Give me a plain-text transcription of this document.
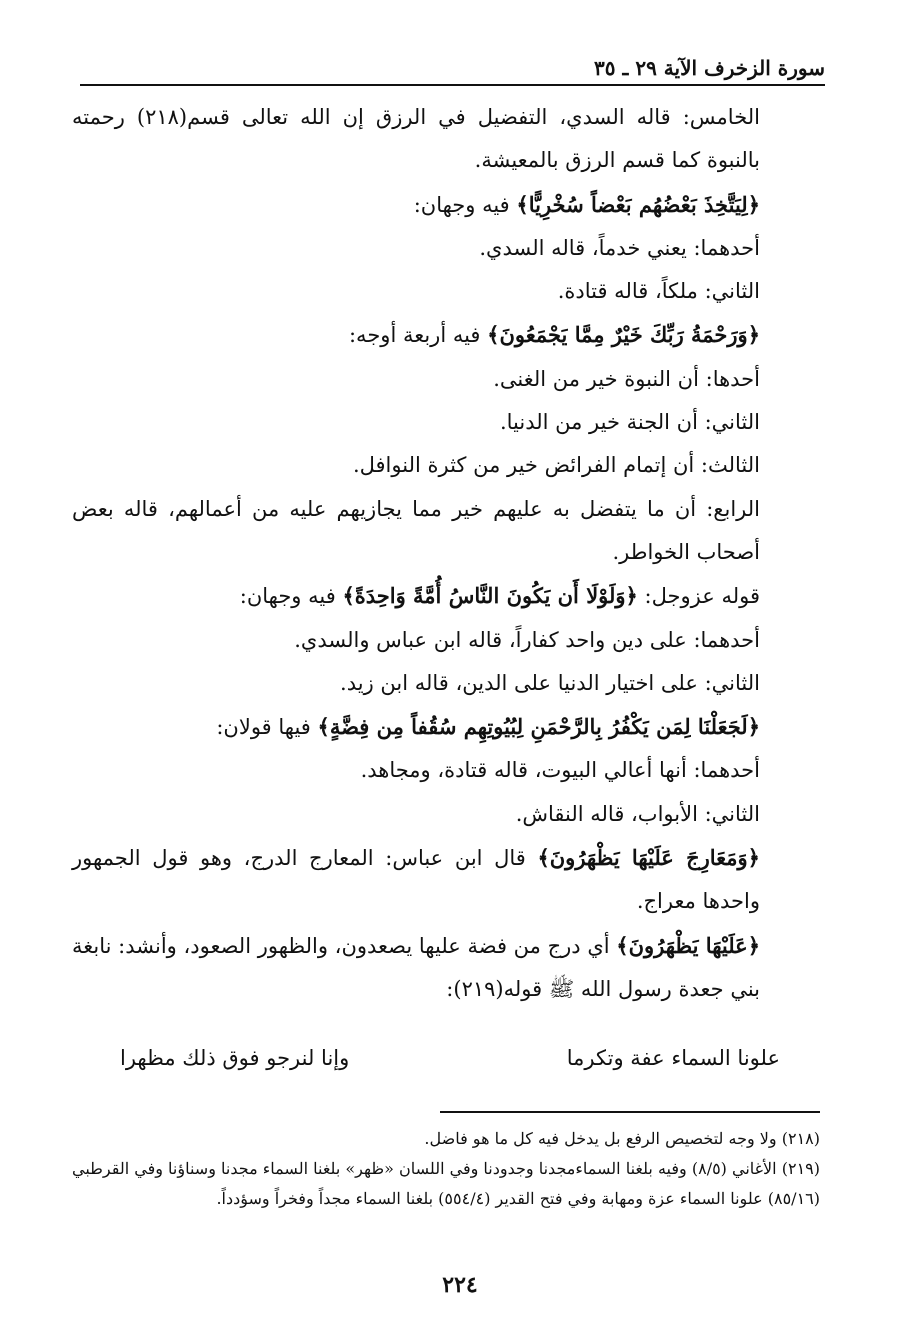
سورة الزخرف الآية ٢٩ ـ ٣٥

الخامس: قاله السدي، التفضيل في الرزق إن الله تعالى قسم(٢١٨) رحمته بالنبوة كما قسم الرزق بالمعيشة.

﴿لِيَتَّخِذَ بَعْضُهُم بَعْضاً سُخْرِيًّا﴾ فيه وجهان:

أحدهما: يعني خدماً، قاله السدي.

الثاني: ملكاً، قاله قتادة.

﴿وَرَحْمَةُ رَبِّكَ خَيْرٌ مِمَّا يَجْمَعُونَ﴾ فيه أربعة أوجه:

أحدها: أن النبوة خير من الغنى.

الثاني: أن الجنة خير من الدنيا.

الثالث: أن إتمام الفرائض خير من كثرة النوافل.

الرابع: أن ما يتفضل به عليهم خير مما يجازيهم عليه من أعمالهم، قاله بعض أصحاب الخواطر.

قوله عزوجل: ﴿وَلَوْلَا أَن يَكُونَ النَّاسُ أُمَّةً وَاحِدَةً﴾ فيه وجهان:

أحدهما: على دين واحد كفاراً، قاله ابن عباس والسدي.

الثاني: على اختيار الدنيا على الدين، قاله ابن زيد.

﴿لَجَعَلْنَا لِمَن يَكْفُرُ بِالرَّحْمَنِ لِبُيُوتِهِم سُقُفاً مِن فِضَّةٍ﴾ فيها قولان:

أحدهما: أنها أعالي البيوت، قاله قتادة، ومجاهد.

الثاني: الأبواب، قاله النقاش.

﴿وَمَعَارِجَ عَلَيْهَا يَظْهَرُونَ﴾ قال ابن عباس: المعارج الدرج، وهو قول الجمهور واحدها معراج.

﴿عَلَيْهَا يَظْهَرُونَ﴾ أي درج من فضة عليها يصعدون، والظهور الصعود، وأنشد: نابغة بني جعدة رسول الله ﷺ قوله(٢١٩):

علونا السماء عفة وتكرما
وإنا لنرجو فوق ذلك مظهرا

(٢١٨) ولا وجه لتخصيص الرفع بل يدخل فيه كل ما هو فاضل.

(٢١٩) الأغاني (٨/٥) وفيه بلغنا السماءمجدنا وجدودنا وفي اللسان «ظهر» بلغنا السماء مجدنا وسناؤنا وفي القرطبي (٨٥/١٦) علونا السماء عزة ومهابة وفي فتح القدير (٥٥٤/٤) بلغنا السماء مجداً وفخراً وسؤدداً.

٢٢٤
